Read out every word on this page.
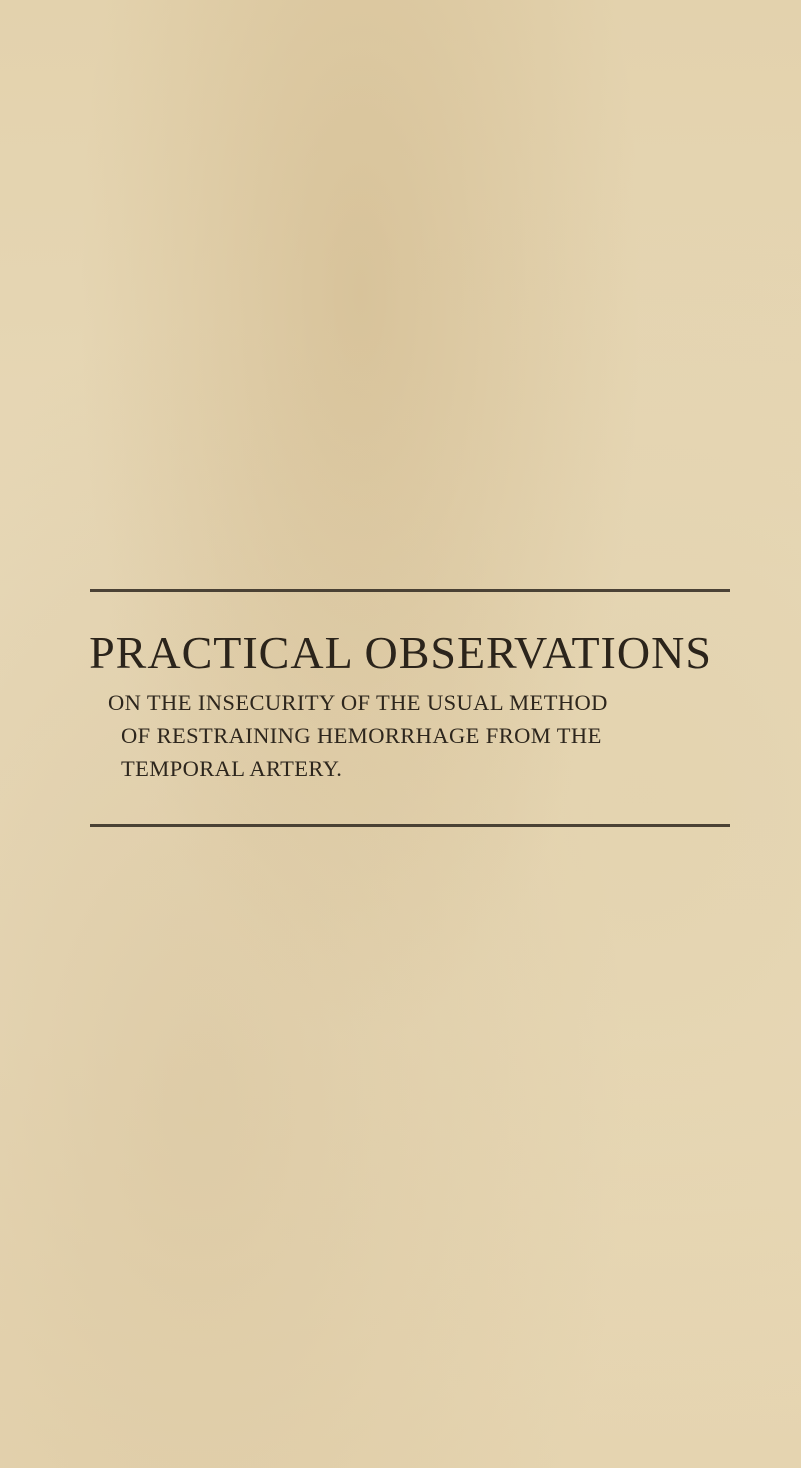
PRACTICAL OBSERVATIONS

ON THE INSECURITY OF THE USUAL METHOD
OF RESTRAINING HEMORRHAGE FROM THE
TEMPORAL ARTERY.
